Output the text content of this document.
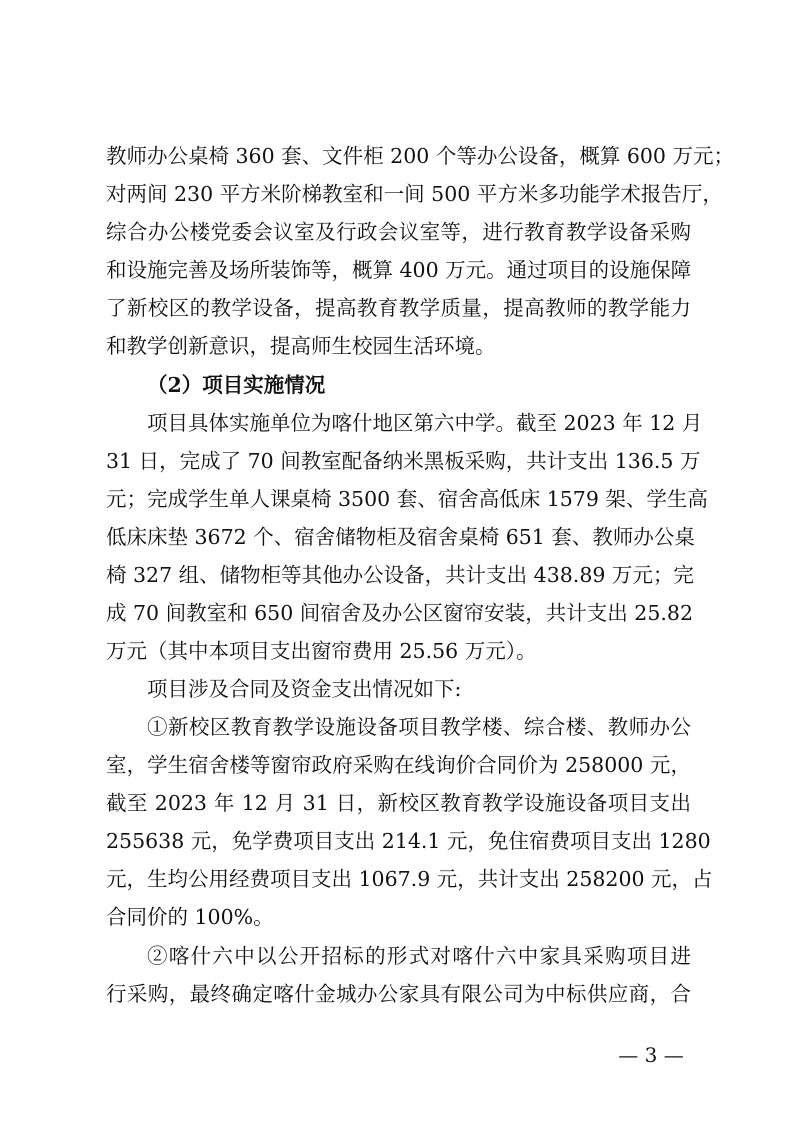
教师办公桌椅 360 套、文件柜 200 个等办公设备，概算 600 万元；
对两间 230 平方米阶梯教室和一间 500 平方米多功能学术报告厅，
综合办公楼党委会议室及行政会议室等，进行教育教学设备采购
和设施完善及场所装饰等，概算 400 万元。通过项目的设施保障
了新校区的教学设备，提高教育教学质量，提高教师的教学能力
和教学创新意识，提高师生校园生活环境。
（2）项目实施情况
项目具体实施单位为喀什地区第六中学。截至 2023 年 12 月
31 日，完成了 70 间教室配备纳米黑板采购，共计支出 136.5 万
元；完成学生单人课桌椅 3500 套、宿舍高低床 1579 架、学生高
低床床垫 3672 个、宿舍储物柜及宿舍桌椅 651 套、教师办公桌
椅 327 组、储物柜等其他办公设备，共计支出 438.89 万元；完
成 70 间教室和 650 间宿舍及办公区窗帘安装，共计支出 25.82
万元（其中本项目支出窗帘费用 25.56 万元）。
项目涉及合同及资金支出情况如下:
①新校区教育教学设施设备项目教学楼、综合楼、教师办公
室，学生宿舍楼等窗帘政府采购在线询价合同价为 258000 元，
截至 2023 年 12 月 31 日，新校区教育教学设施设备项目支出
255638 元，免学费项目支出 214.1 元，免住宿费项目支出 1280
元，生均公用经费项目支出 1067.9 元，共计支出 258200 元，占
合同价的 100%。
②喀什六中以公开招标的形式对喀什六中家具采购项目进
行采购，最终确定喀什金城办公家具有限公司为中标供应商，合
— 3 —
